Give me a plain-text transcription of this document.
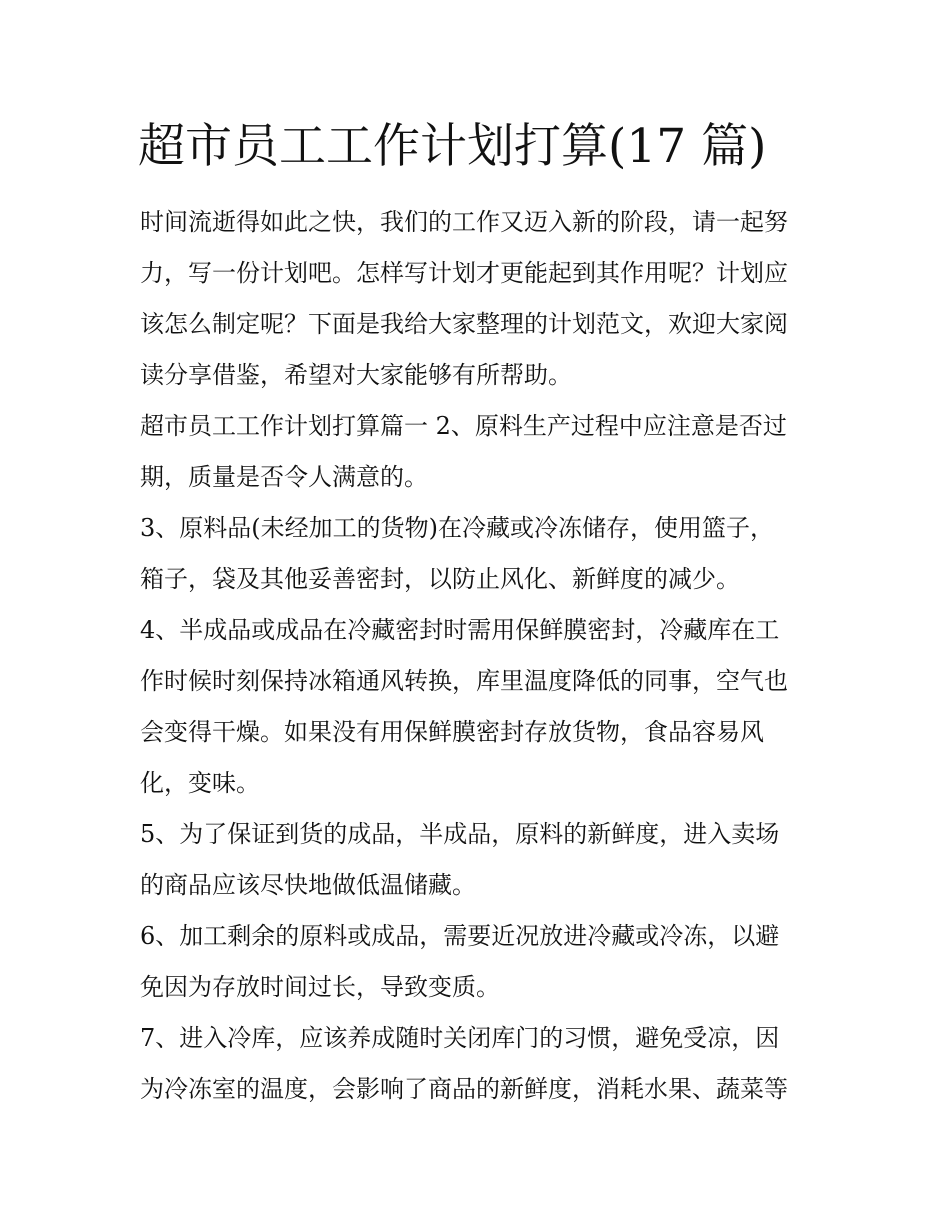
超市员工工作计划打算(17 篇)

时间流逝得如此之快，我们的工作又迈入新的阶段，请一起努

力，写一份计划吧。怎样写计划才更能起到其作用呢？计划应

该怎么制定呢？下面是我给大家整理的计划范文，欢迎大家阅

读分享借鉴，希望对大家能够有所帮助。

超市员工工作计划打算篇一 2、原料生产过程中应注意是否过

期，质量是否令人满意的。

3、原料品(未经加工的货物)在冷藏或冷冻储存，使用篮子，

箱子，袋及其他妥善密封，以防止风化、新鲜度的减少。

4、半成品或成品在冷藏密封时需用保鲜膜密封，冷藏库在工

作时候时刻保持冰箱通风转换，库里温度降低的同事，空气也

会变得干燥。如果没有用保鲜膜密封存放货物，食品容易风

化，变味。

5、为了保证到货的成品，半成品，原料的新鲜度，进入卖场

的商品应该尽快地做低温储藏。

6、加工剩余的原料或成品，需要近况放进冷藏或冷冻，以避

免因为存放时间过长，导致变质。

7、进入冷库，应该养成随时关闭库门的习惯，避免受凉，因

为冷冻室的温度，会影响了商品的新鲜度，消耗水果、蔬菜等
